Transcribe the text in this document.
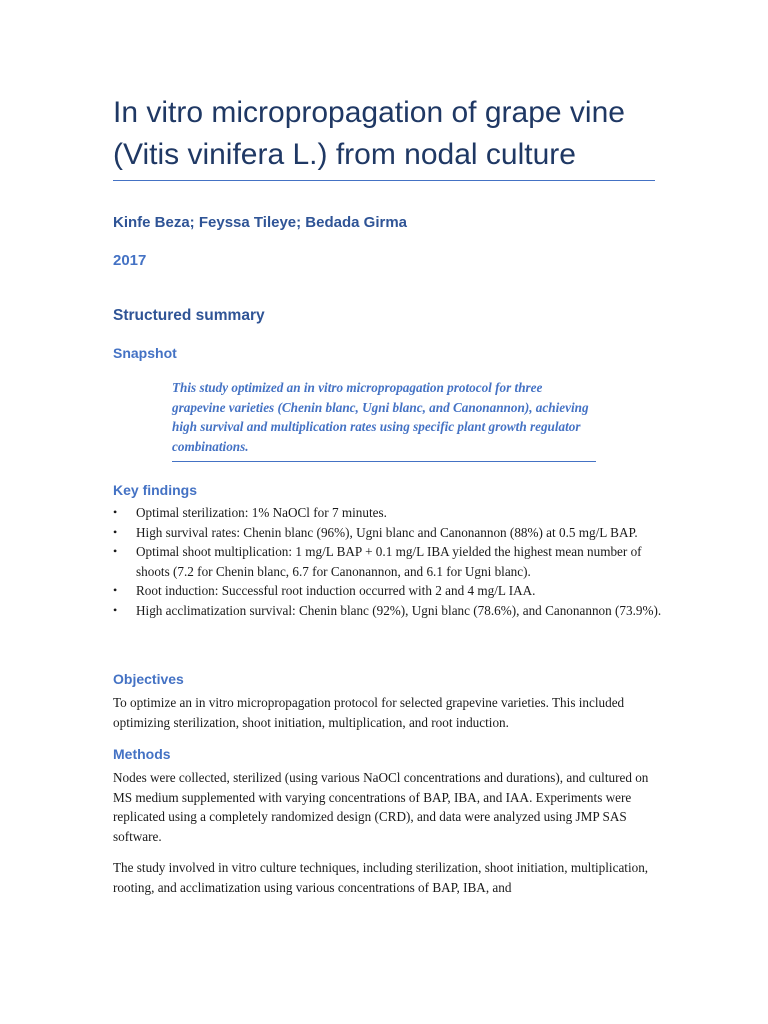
In vitro micropropagation of grape vine (Vitis vinifera L.) from nodal culture
Kinfe Beza; Feyssa Tileye; Bedada Girma
2017
Structured summary
Snapshot
This study optimized an in vitro micropropagation protocol for three grapevine varieties (Chenin blanc, Ugni blanc, and Canonannon), achieving high survival and multiplication rates using specific plant growth regulator combinations.
Key findings
• Optimal sterilization: 1% NaOCl for 7 minutes.
• High survival rates: Chenin blanc (96%), Ugni blanc and Canonannon (88%) at 0.5 mg/L BAP.
• Optimal shoot multiplication: 1 mg/L BAP + 0.1 mg/L IBA yielded the highest mean number of shoots (7.2 for Chenin blanc, 6.7 for Canonannon, and 6.1 for Ugni blanc).
• Root induction: Successful root induction occurred with 2 and 4 mg/L IAA.
• High acclimatization survival: Chenin blanc (92%), Ugni blanc (78.6%), and Canonannon (73.9%).
Objectives

To optimize an in vitro micropropagation protocol for selected grapevine varieties. This included optimizing sterilization, shoot initiation, multiplication, and root induction.

Methods

Nodes were collected, sterilized (using various NaOCl concentrations and durations), and cultured on MS medium supplemented with varying concentrations of BAP, IBA, and IAA. Experiments were replicated using a completely randomized design (CRD), and data were analyzed using JMP SAS software.

The study involved in vitro culture techniques, including sterilization, shoot initiation, multiplication, rooting, and acclimatization using various concentrations of BAP, IBA, and
